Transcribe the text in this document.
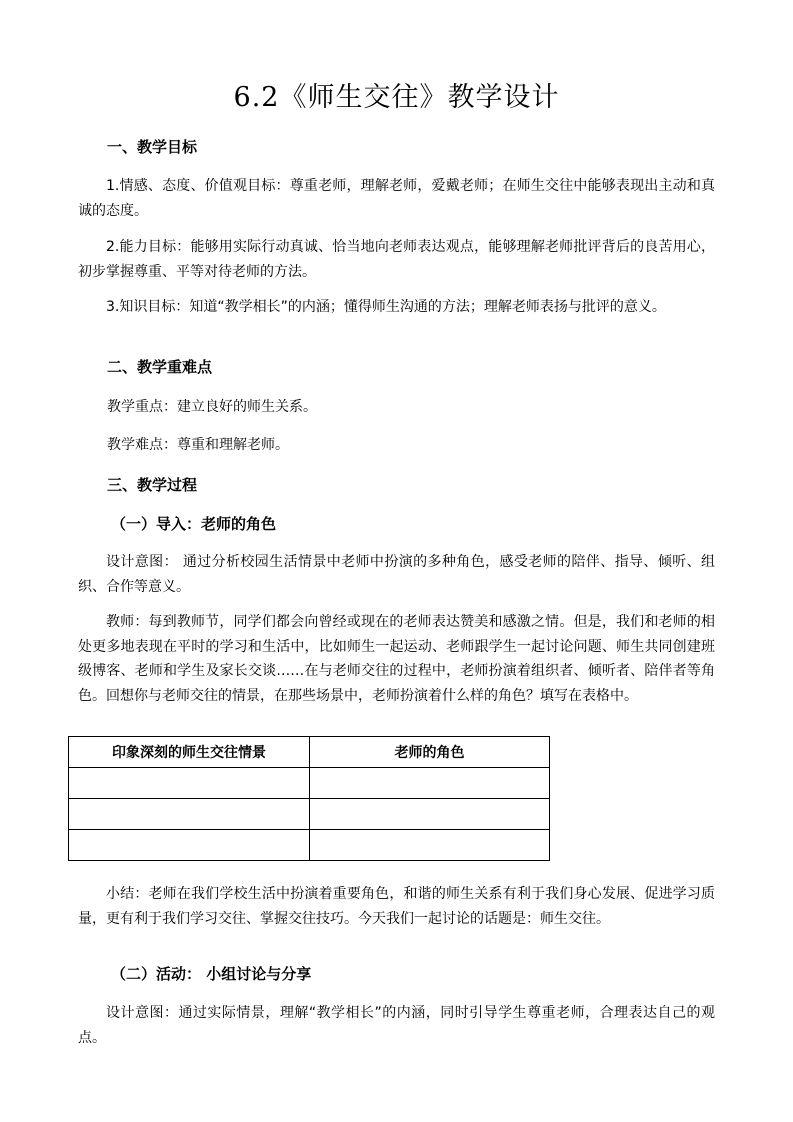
6.2《师生交往》教学设计
一、教学目标
1.情感、态度、价值观目标：尊重老师，理解老师，爱戴老师；在师生交往中能够表现出主动和真诚的态度。
2.能力目标：能够用实际行动真诚、恰当地向老师表达观点，能够理解老师批评背后的良苦用心，初步掌握尊重、平等对待老师的方法。
3.知识目标：知道“教学相长”的内涵；懂得师生沟通的方法；理解老师表扬与批评的意义。
二、教学重难点
教学重点：建立良好的师生关系。
教学难点：尊重和理解老师。
三、教学过程
（一）导入：老师的角色
设计意图： 通过分析校园生活情景中老师中扮演的多种角色，感受老师的陪伴、指导、倾听、组织、合作等意义。
教师：每到教师节，同学们都会向曾经或现在的老师表达赞美和感激之情。但是，我们和老师的相处更多地表现在平时的学习和生活中，比如师生一起运动、老师跟学生一起讨论问题、师生共同创建班级博客、老师和学生及家长交谈……在与老师交往的过程中，老师扮演着组织者、倾听者、陪伴者等角色。回想你与老师交往的情景，在那些场景中，老师扮演着什么样的角色？填写在表格中。
印象深刻的师生交往情景	老师的角色

小结：老师在我们学校生活中扮演着重要角色，和谐的师生关系有利于我们身心发展、促进学习质量，更有利于我们学习交往、掌握交往技巧。今天我们一起讨论的话题是：师生交往。
（二）活动： 小组讨论与分享
设计意图：通过实际情景，理解“教学相长”的内涵，同时引导学生尊重老师，合理表达自己的观点。
